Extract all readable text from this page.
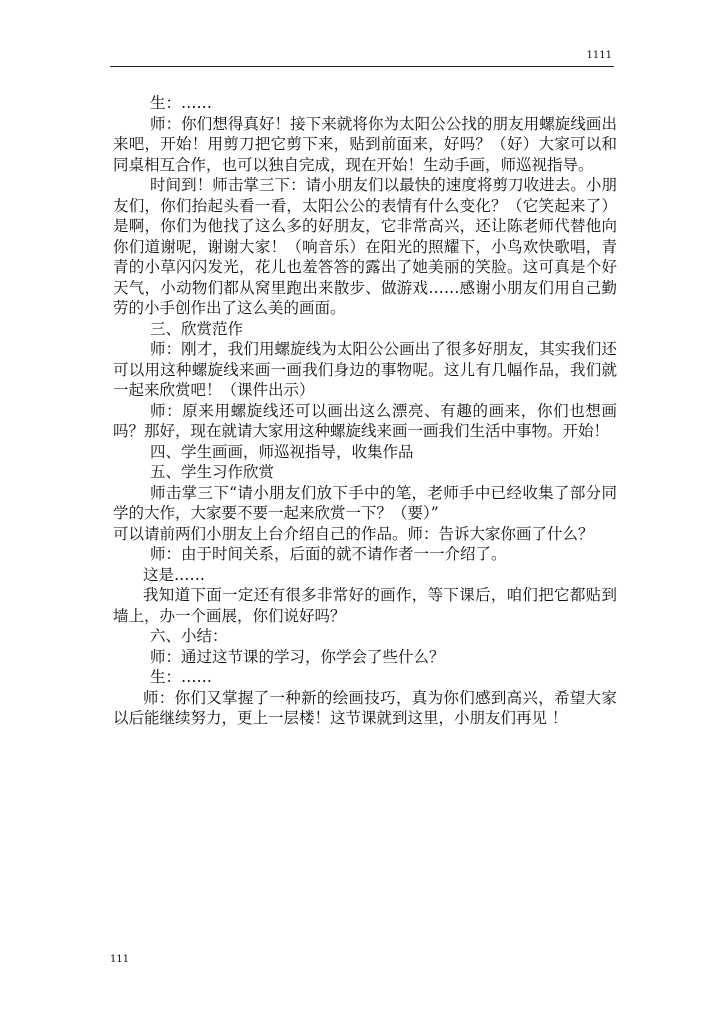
1111

生：……

师：你们想得真好！接下来就将你为太阳公公找的朋友用螺旋线画出来吧，开始！用剪刀把它剪下来，贴到前面来，好吗？（好）大家可以和同桌相互合作，也可以独自完成，现在开始！生动手画，师巡视指导。

时间到！师击掌三下：请小朋友们以最快的速度将剪刀收进去。小朋友们，你们抬起头看一看，太阳公公的表情有什么变化？（它笑起来了）是啊，你们为他找了这么多的好朋友，它非常高兴，还让陈老师代替他向你们道谢呢，谢谢大家！（响音乐）在阳光的照耀下，小鸟欢快歌唱，青青的小草闪闪发光，花儿也羞答答的露出了她美丽的笑脸。这可真是个好天气，小动物们都从窝里跑出来散步、做游戏……感谢小朋友们用自己勤劳的小手创作出了这么美的画面。

三、欣赏范作

师：刚才，我们用螺旋线为太阳公公画出了很多好朋友，其实我们还可以用这种螺旋线来画一画我们身边的事物呢。这儿有几幅作品，我们就一起来欣赏吧！（课件出示）

师：原来用螺旋线还可以画出这么漂亮、有趣的画来，你们也想画吗？那好，现在就请大家用这种螺旋线来画一画我们生活中事物。开始！

四、学生画画，师巡视指导，收集作品

五、学生习作欣赏

师击掌三下“请小朋友们放下手中的笔，老师手中已经收集了部分同学的大作，大家要不要一起来欣赏一下？（要）”

可以请前两们小朋友上台介绍自己的作品。师：告诉大家你画了什么？

师：由于时间关系，后面的就不请作者一一介绍了。

这是……

我知道下面一定还有很多非常好的画作，等下课后，咱们把它都贴到墙上，办一个画展，你们说好吗？

六、小结：

师：通过这节课的学习，你学会了些什么？

生：……

师：你们又掌握了一种新的绘画技巧，真为你们感到高兴，希望大家以后能继续努力，更上一层楼！这节课就到这里，小朋友们再见 ！

111
